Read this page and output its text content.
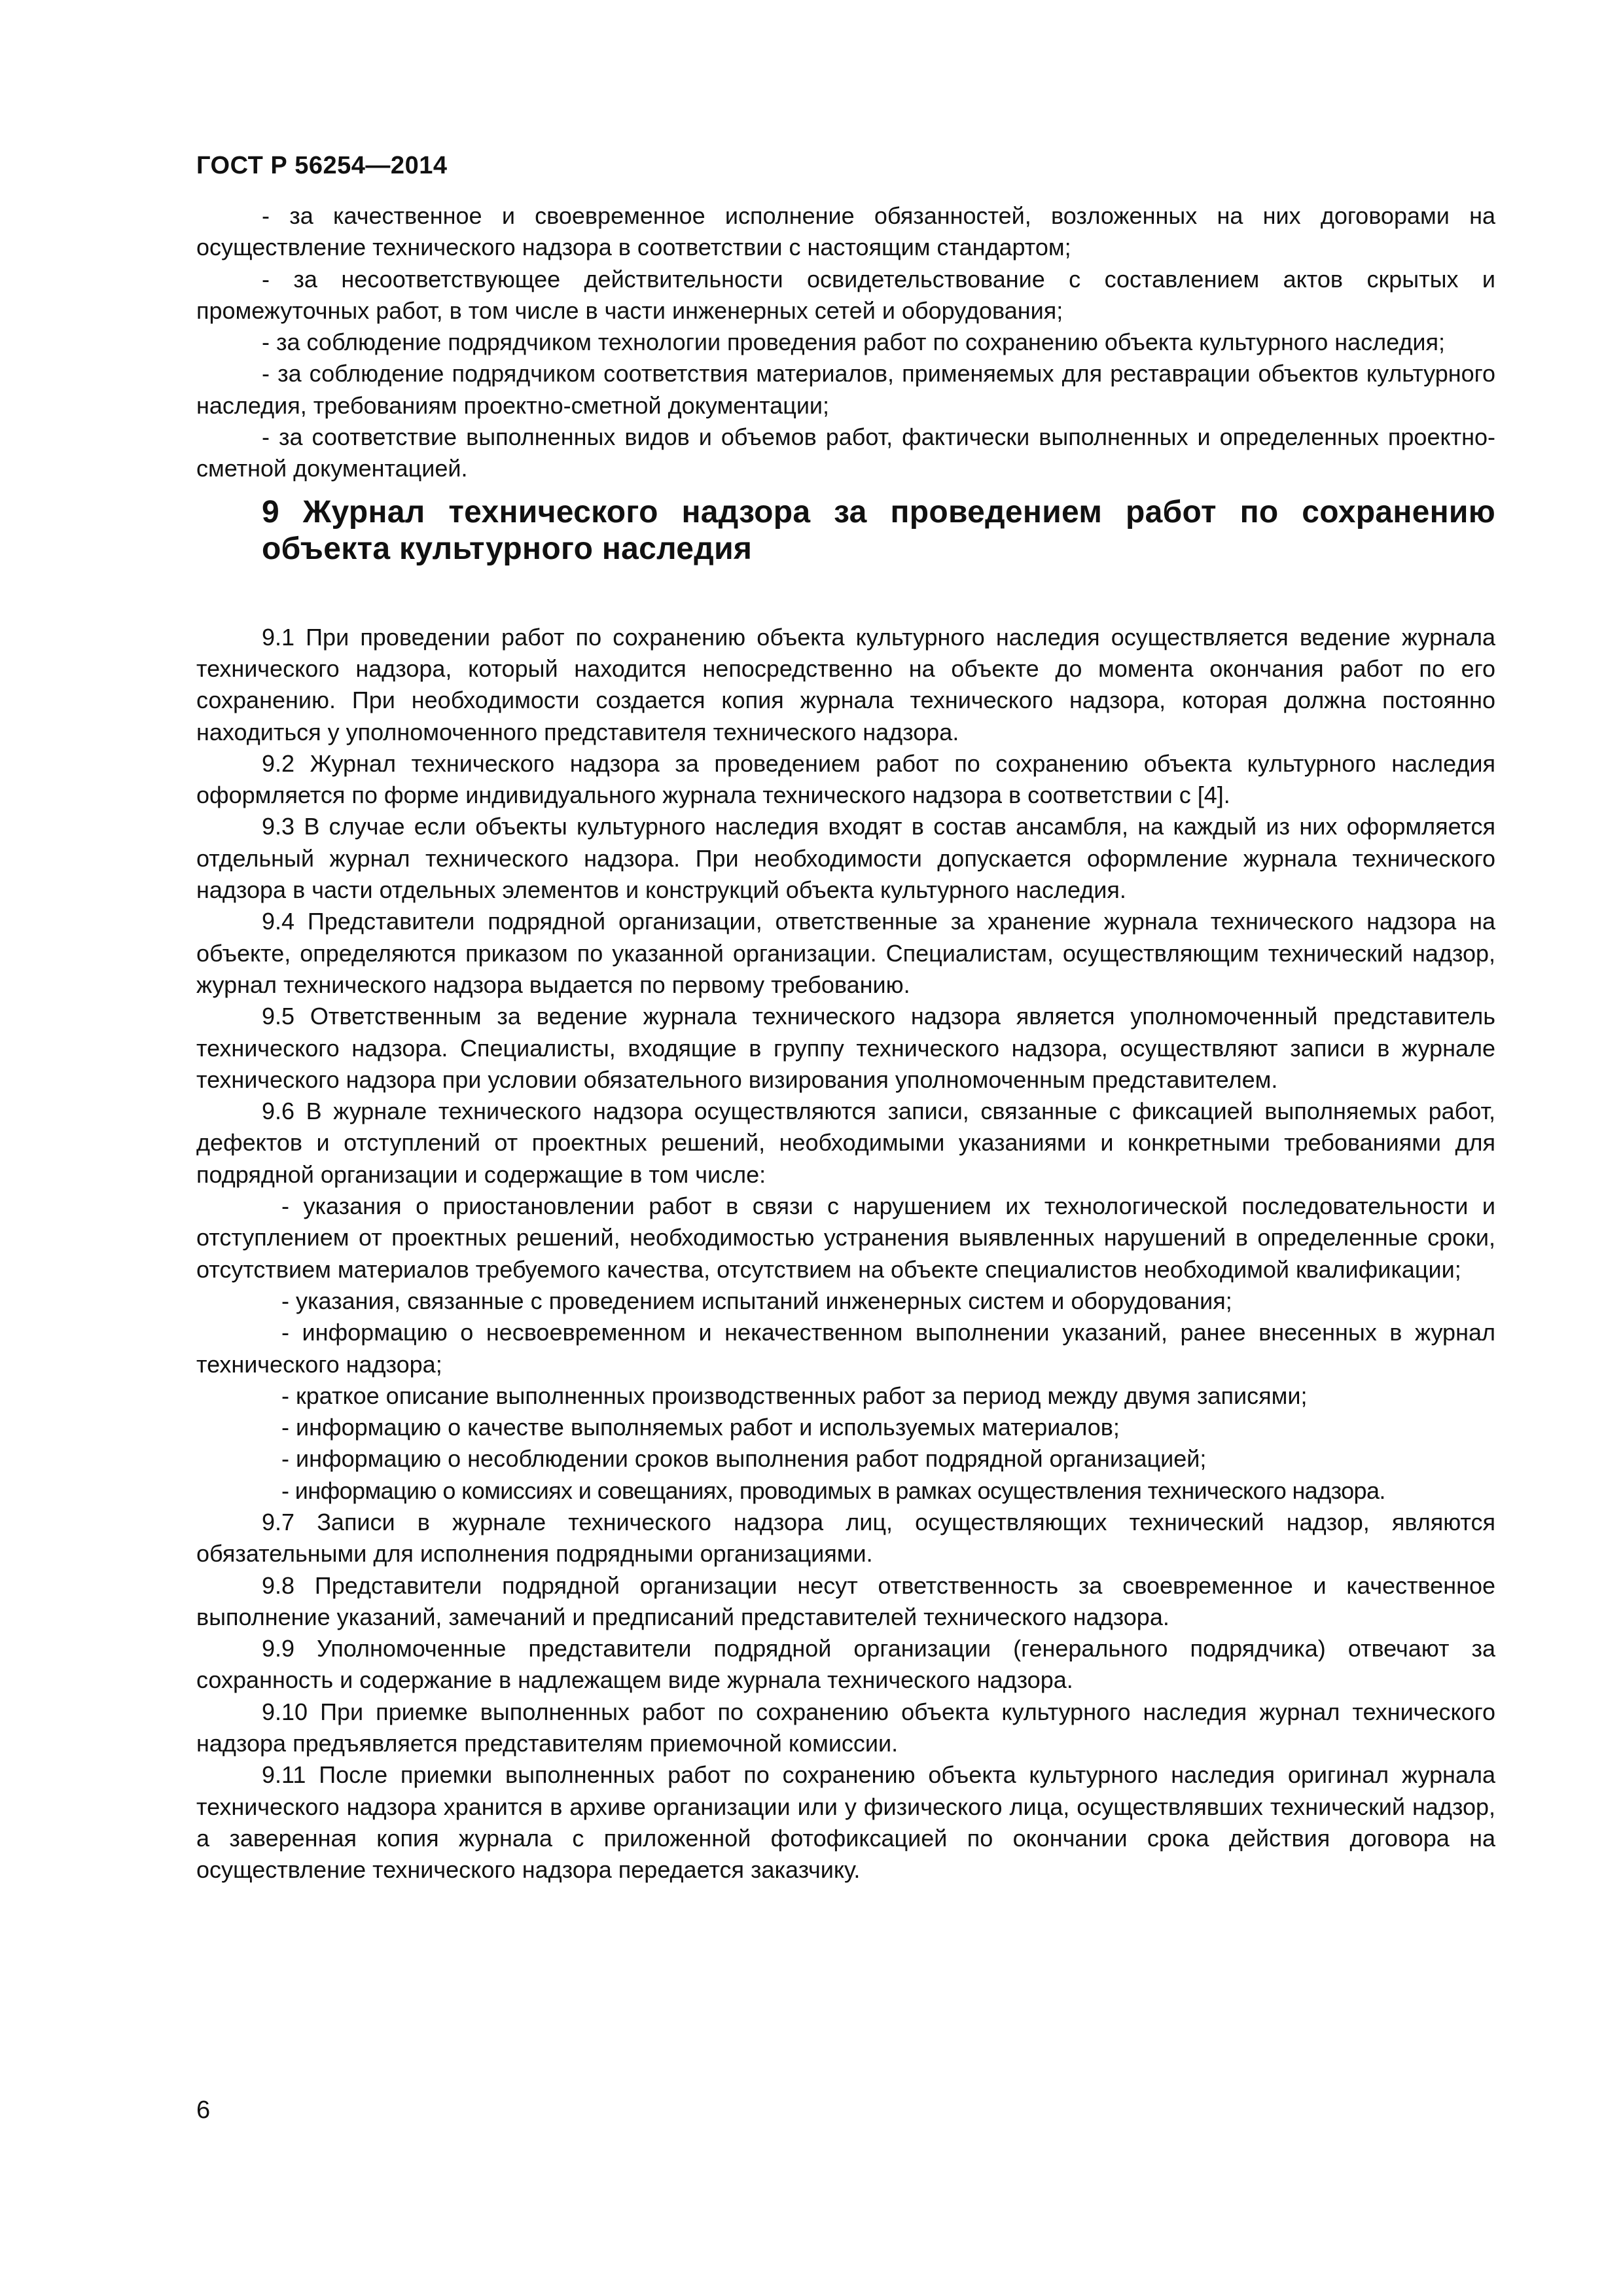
ГОСТ Р 56254—2014

- за качественное и своевременное исполнение обязанностей, возложенных на них договорами на осуществление технического надзора в соответствии с настоящим стандартом;

- за несоответствующее действительности освидетельствование с составлением актов скрытых и промежуточных работ, в том числе в части инженерных сетей и оборудования;

- за соблюдение подрядчиком технологии проведения работ по сохранению объекта культурного наследия;

- за соблюдение подрядчиком соответствия материалов, применяемых для реставрации объектов культурного наследия, требованиям проектно-сметной документации;

- за соответствие выполненных видов и объемов работ, фактически выполненных и определенных проектно-сметной документацией.

9 Журнал технического надзора за проведением работ по сохранению объекта культурного наследия

9.1 При проведении работ по сохранению объекта культурного наследия осуществляется ведение журнала технического надзора, который находится непосредственно на объекте до момента окончания работ по его сохранению. При необходимости создается копия журнала технического надзора, которая должна постоянно находиться у уполномоченного представителя технического надзора.

9.2 Журнал технического надзора за проведением работ по сохранению объекта культурного наследия оформляется по форме индивидуального журнала технического надзора в соответствии с [4].

9.3 В случае если объекты культурного наследия входят в состав ансамбля, на каждый из них оформляется отдельный журнал технического надзора. При необходимости допускается оформление журнала технического надзора в части отдельных элементов и конструкций объекта культурного наследия.

9.4 Представители подрядной организации, ответственные за хранение журнала технического надзора на объекте, определяются приказом по указанной организации. Специалистам, осуществляющим технический надзор, журнал технического надзора выдается по первому требованию.

9.5 Ответственным за ведение журнала технического надзора является уполномоченный представитель технического надзора. Специалисты, входящие в группу технического надзора, осуществляют записи в журнале технического надзора при условии обязательного визирования уполномоченным представителем.

9.6 В журнале технического надзора осуществляются записи, связанные с фиксацией выполняемых работ, дефектов и отступлений от проектных решений, необходимыми указаниями и конкретными требованиями для подрядной организации и содержащие в том числе:

- указания о приостановлении работ в связи с нарушением их технологической последовательности и отступлением от проектных решений, необходимостью устранения выявленных нарушений в определенные сроки, отсутствием материалов требуемого качества, отсутствием на объекте специалистов необходимой квалификации;

- указания, связанные с проведением испытаний инженерных систем и оборудования;

- информацию о несвоевременном и некачественном выполнении указаний, ранее внесенных в журнал технического надзора;

- краткое описание выполненных производственных работ за период между двумя записями;

- информацию о качестве выполняемых работ и используемых материалов;

- информацию о несоблюдении сроков выполнения работ подрядной организацией;

- информацию о комиссиях и совещаниях, проводимых в рамках осуществления технического надзора.

9.7 Записи в журнале технического надзора лиц, осуществляющих технический надзор, являются обязательными для исполнения подрядными организациями.

9.8 Представители подрядной организации несут ответственность за своевременное и качественное выполнение указаний, замечаний и предписаний представителей технического надзора.

9.9 Уполномоченные представители подрядной организации (генерального подрядчика) отвечают за сохранность и содержание в надлежащем виде журнала технического надзора.

9.10 При приемке выполненных работ по сохранению объекта культурного наследия журнал технического надзора предъявляется представителям приемочной комиссии.

9.11 После приемки выполненных работ по сохранению объекта культурного наследия оригинал журнала технического надзора хранится в архиве организации или у физического лица, осуществлявших технический надзор, а заверенная копия журнала с приложенной фотофиксацией по окончании срока действия договора на осуществление технического надзора передается заказчику.

6
